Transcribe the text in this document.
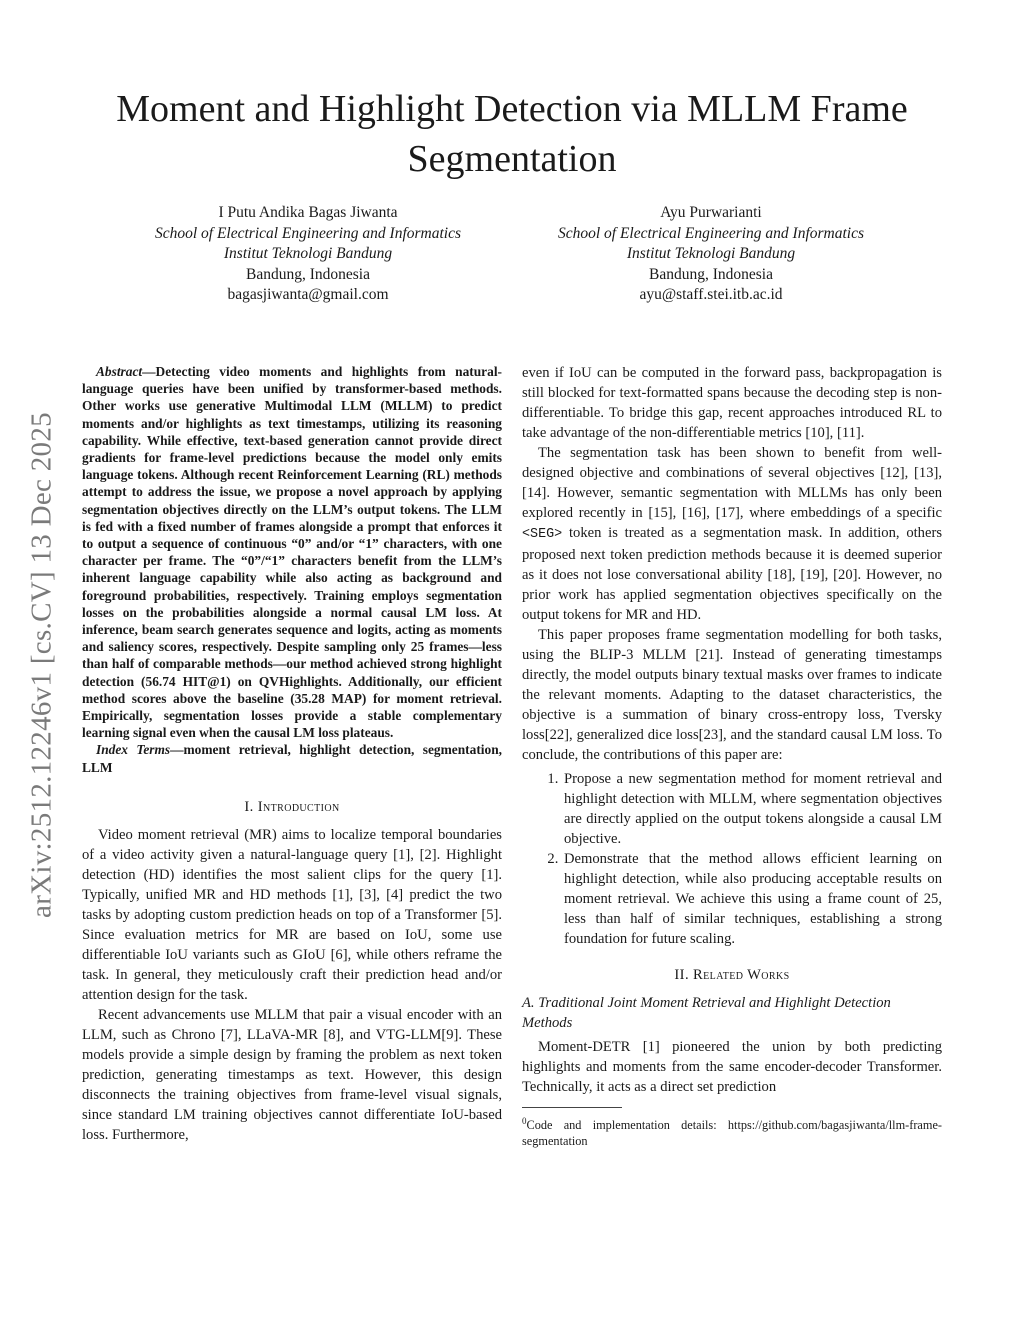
Moment and Highlight Detection via MLLM Frame Segmentation
I Putu Andika Bagas Jiwanta
School of Electrical Engineering and Informatics
Institut Teknologi Bandung
Bandung, Indonesia
bagasjiwanta@gmail.com
Ayu Purwarianti
School of Electrical Engineering and Informatics
Institut Teknologi Bandung
Bandung, Indonesia
ayu@staff.stei.itb.ac.id
arXiv:2512.12246v1 [cs.CV] 13 Dec 2025

Abstract—Detecting video moments and highlights from natural-language queries have been unified by transformer-based methods. Other works use generative Multimodal LLM (MLLM) to predict moments and/or highlights as text timestamps, utilizing its reasoning capability. While effective, text-based generation cannot provide direct gradients for frame-level predictions because the model only emits language tokens. Although recent Reinforcement Learning (RL) methods attempt to address the issue, we propose a novel approach by applying segmentation objectives directly on the LLM’s output tokens. The LLM is fed with a fixed number of frames alongside a prompt that enforces it to output a sequence of continuous “0” and/or “1” characters, with one character per frame. The “0”/“1” characters benefit from the LLM’s inherent language capability while also acting as background and foreground probabilities, respectively. Training employs segmentation losses on the probabilities alongside a normal causal LM loss. At inference, beam search generates sequence and logits, acting as moments and saliency scores, respectively. Despite sampling only 25 frames—less than half of comparable methods—our method achieved strong highlight detection (56.74 HIT@1) on QVHighlights. Additionally, our efficient method scores above the baseline (35.28 MAP) for moment retrieval. Empirically, segmentation losses provide a stable complementary learning signal even when the causal LM loss plateaus.

Index Terms—moment retrieval, highlight detection, segmentation, LLM

I. Introduction

Video moment retrieval (MR) aims to localize temporal boundaries of a video activity given a natural-language query [1], [2]. Highlight detection (HD) identifies the most salient clips for the query [1]. Typically, unified MR and HD methods [1], [3], [4] predict the two tasks by adopting custom prediction heads on top of a Transformer [5]. Since evaluation metrics for MR are based on IoU, some use differentiable IoU variants such as GIoU [6], while others reframe the task. In general, they meticulously craft their prediction head and/or attention design for the task.

Recent advancements use MLLM that pair a visual encoder with an LLM, such as Chrono [7], LLaVA-MR [8], and VTG-LLM[9]. These models provide a simple design by framing the problem as next token prediction, generating timestamps as text. However, this design disconnects the training objectives from frame-level visual signals, since standard LM training objectives cannot differentiate IoU-based loss. Furthermore,

even if IoU can be computed in the forward pass, backpropagation is still blocked for text-formatted spans because the decoding step is non-differentiable. To bridge this gap, recent approaches introduced RL to take advantage of the non-differentiable metrics [10], [11].

The segmentation task has been shown to benefit from well-designed objective and combinations of several objectives [12], [13], [14]. However, semantic segmentation with MLLMs has only been explored recently in [15], [16], [17], where embeddings of a specific <SEG> token is treated as a segmentation mask. In addition, others proposed next token prediction methods because it is deemed superior as it does not lose conversational ability [18], [19], [20]. However, no prior work has applied segmentation objectives specifically on the output tokens for MR and HD.

This paper proposes frame segmentation modelling for both tasks, using the BLIP-3 MLLM [21]. Instead of generating timestamps directly, the model outputs binary textual masks over frames to indicate the relevant moments. Adapting to the dataset characteristics, the objective is a summation of binary cross-entropy loss, Tversky loss[22], generalized dice loss[23], and the standard causal LM loss. To conclude, the contributions of this paper are:

1. Propose a new segmentation method for moment retrieval and highlight detection with MLLM, where segmentation objectives are directly applied on the output tokens alongside a causal LM objective.
2. Demonstrate that the method allows efficient learning on highlight detection, while also producing acceptable results on moment retrieval. We achieve this using a frame count of 25, less than half of similar techniques, establishing a strong foundation for future scaling.
II. Related Works
A. Traditional Joint Moment Retrieval and Highlight Detection Methods

Moment-DETR [1] pioneered the union by both predicting highlights and moments from the same encoder-decoder Transformer. Technically, it acts as a direct set prediction

$^0$Code and implementation details: https://github.com/bagasjiwanta/llm-frame-segmentation
